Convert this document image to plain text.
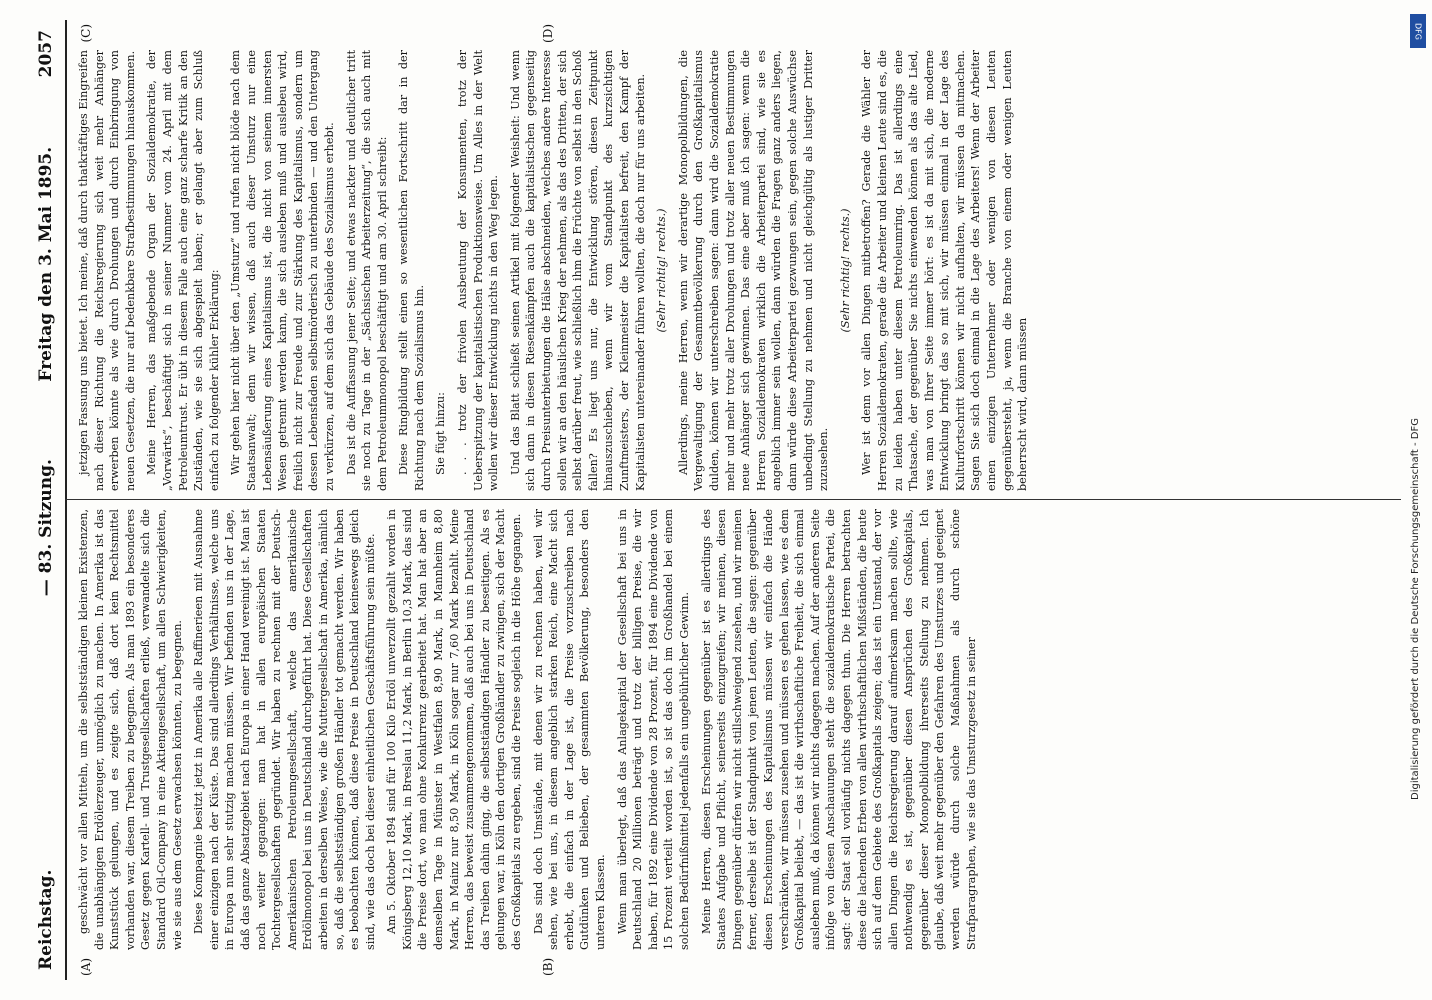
Reichstag.
— 83. Sitzung.
Freitag den 3. Mai 1895.
2057
(A)	(B)
(C)	(D)

geschwächt vor allen Mitteln, um die selbstständigen kleinen Existenzen, die unabhängigen Erdölerzeuger, unmöglich zu machen. In Amerika ist das Kunststück gelungen, und es zeigte sich, daß dort kein Rechtsmittel vorhanden war, diesem Treiben zu begegnen. Als man 1893 ein besonderes Gesetz gegen Kartell- und Trustgesellschaften erließ, verwandelte sich die Standard Oil-Company in eine Aktiengesellschaft, um allen Schwierigkeiten, wie sie aus dem Gesetz erwachsen könnten, zu begegnen. Diese Kompagnie besitzt jetzt in Amerika alle Raffinerieen mit Ausnahme einer einzigen nach der Küste. Das sind allerdings Verhältnisse, welche uns in Europa nun sehr stutzig machen müssen. Wir befinden uns in der Lage, daß das ganze Absatzgebiet nach Europa in einer Hand vereinigt ist. Man ist noch weiter gegangen: man hat in allen europäischen Staaten Tochtergesellschaften gegründet. Wir haben zu rechnen mit der Deutsch-Amerikanischen Petroleumgesellschaft, welche das amerikanische Erdölmonopol bei uns in Deutschland durchgeführt hat. Diese Gesellschaften arbeiten in derselben Weise, wie die Muttergesellschaft in Amerika, nämlich so, daß die selbstständigen großen Händler tot gemacht werden. Wir haben es beobachten können, daß diese Preise in Deutschland keineswegs gleich sind, wie das doch bei dieser einheitlichen Geschäftsführung sein müßte. Am 5. Oktober 1894 sind für 100 Kilo Erdöl unverzollt gezahlt worden in Königsberg 12,10 Mark, in Breslau 11,2 Mark, in Berlin 10,3 Mark, das sind die Preise dort, wo man ohne Konkurrenz gearbeitet hat. Man hat aber an demselben Tage in Münster in Westfalen 8,90 Mark, in Mannheim 8,80 Mark, in Mainz nur 8,50 Mark, in Köln sogar nur 7,60 Mark bezahlt. Meine Herren, das beweist zusammengenommen, daß auch bei uns in Deutschland das Treiben dahin ging, die selbstständigen Händler zu beseitigen. Als es gelungen war, in Köln den dortigen Großhändler zu zwingen, sich der Macht des Großkapitals zu ergeben, sind die Preise sogleich in die Höhe gegangen. Das sind doch Umstände, mit denen wir zu rechnen haben, weil wir sehen, wie bei uns, in diesem angeblich starken Reich, eine Macht sich erhebt, die einfach in der Lage ist, die Preise vorzuschreiben nach Gutdünken und Belieben, der gesammten Bevölkerung, besonders den unteren Klassen. Wenn man überlegt, daß das Anlagekapital der Gesellschaft bei uns in Deutschland 20 Millionen beträgt und trotz der billigen Preise, die wir haben, für 1892 eine Dividende von 28 Prozent, für 1894 eine Dividende von 15 Prozent verteilt worden ist, so ist das doch im Großhandel bei einem solchen Bedürfnißmittel jedenfalls ein ungebührlicher Gewinn. Meine Herren, diesen Erscheinungen gegenüber ist es allerdings des Staates Aufgabe und Pflicht, seinerseits einzugreifen; wir meinen, diesen Dingen gegenüber dürfen wir nicht stillschweigend zusehen, und wir meinen ferner, derselbe ist der Standpunkt von jenen Leuten, die sagen: gegenüber diesen Erscheinungen des Kapitalismus müssen wir einfach die Hände verschränken, wir müssen zusehen und müssen es gehen lassen, wie es dem Großkapital beliebt, — das ist die wirthschaftliche Freiheit, die sich einmal ausleben muß, da können wir nichts dagegen machen. Auf der anderen Seite infolge von diesen Anschauungen steht die sozialdemokratische Partei, die sagt: der Staat soll vorläufig nichts dagegen thun. Die Herren betrachten diese die lachenden Erben von allen wirthschaftlichen Mißständen, die heute sich auf dem Gebiete des Großkapitals zeigen; das ist ein Umstand, der vor allen Dingen die Reichsregierung darauf aufmerksam machen sollte, wie nothwendig es ist, gegenüber diesen Ansprüchen des Großkapitals, gegenüber dieser Monopolbildung ihrerseits Stellung zu nehmen. Ich glaube, daß weit mehr gegenüber den Gefahren des Umsturzes und geeignet werden würde durch solche Maßnahmen als durch schöne Strafparagraphen, wie sie das Umsturzgesetz in seiner

jetzigen Fassung uns bietet. Ich meine, daß durch thatkräftiges Eingreifen nach dieser Richtung die Reichsregierung sich weit mehr Anhänger erwerben könnte als wie durch Drohungen und durch Einbringung von neuen Gesetzen, die nur auf bedenkbare Strafbestimmungen hinauskommen. Meine Herren, das maßgebende Organ der Sozialdemokratie, der „Vorwärts“, beschäftigt sich in seiner Nummer vom 24. April mit dem Petroleumtrust. Er übt in diesem Falle auch eine ganz scharfe Kritik an den Zuständen, wie sie sich abgespielt haben; er gelangt aber zum Schluß einfach zu folgender kühler Erklärung: Wir gehen hier nicht über den „Umsturz“ und rufen nicht blöde nach dem Staatsanwalt; denn wir wissen, daß auch dieser Umsturz nur eine Lebensäußerung eines Kapitalismus ist, die nicht von seinem innersten Wesen getrennt werden kann, die sich ausleben muß und auslebeu wird, freilich nicht zur Freude und zur Stärkung des Kapitalismus, sondern um dessen Lebensfaden selbstmörderisch zu unterbinden — und den Untergang zu verkürzen, auf dem sich das Gebäude des Sozialismus erhebt. Das ist die Auffassung jener Seite; und etwas nackter und deutlicher tritt sie noch zu Tage in der „Sächsischen Arbeiterzeitung“, die sich auch mit dem Petroleummonopol beschäftigt und am 30. April schreibt: Diese Ringbildung stellt einen so wesentlichen Fortschritt dar in der Richtung nach dem Sozialismus hin. Sie fügt hinzu: . . . trotz der frivolen Ausbeutung der Konsumenten, trotz der Ueberspitzung der kapitalistischen Produktionsweise. Um Alles in der Welt wollen wir dieser Entwicklung nichts in den Weg legen. Und das Blatt schließt seinen Artikel mit folgender Weisheit: Und wenn sich dann in diesen Riesenkämpfen auch die kapitalistischen gegenseitig durch Preisunterbietungen die Hälse abschneiden, welches andere Interesse sollen wir an den häuslichen Krieg der nehmen, als das des Dritten, der sich selbst darüber freut, wie schließlich ihm die Früchte von selbst in den Schoß fallen? Es liegt uns nur, die Entwicklung stören, diesen Zeitpunkt hinauszuschieben, wenn wir vom Standpunkt des kurzsichtigen Zunftmeisters, der Kleinmeister die Kapitalisten befreit, den Kampf der Kapitalisten untereinander führen wollten, die doch nur für uns arbeiten. (Sehr richtig! rechts.) Allerdings, meine Herren, wenn wir derartige Monopolbildungen, die Vergewaltigung der Gesammtbevölkerung durch den Großkapitalismus dulden, können wir unterschreiben sagen: dann wird die Sozialdemokratie mehr und mehr trotz aller Drohungen und trotz aller neuen Bestimmungen neue Anhänger sich gewinnen. Das eine aber muß ich sagen: wenn die Herren Sozialdemokraten wirklich die Arbeiterpartei sind, wie sie es angeblich immer sein wollen, dann würden die Fragen ganz anders liegen, dann würde diese Arbeiterpartei gezwungen sein, gegen solche Auswüchse unbedingt Stellung zu nehmen und nicht gleichgültig als lustiger Dritter zuzusehen.

(Sehr richtig! rechts.) Wer ist denn vor allen Dingen mitbetroffen? Gerade die Wähler der Herren Sozialdemokraten, gerade die Arbeiter und kleinen Leute sind es, die zu leiden haben unter diesem Petroleumring. Das ist allerdings eine Thatsache, der gegenüber Sie nichts einwenden können als das alte Lied, was man von Ihrer Seite immer hört: es ist da mit sich, die moderne Entwicklung bringt das so mit sich, wir müssen einmal in der Lage des Kulturfortschritt können wir nicht aufhalten, wir müssen da mitmachen. Sagen Sie sich doch einmal in die Lage des Arbeiters! Wenn der Arbeiter einen einzigen Unternehmer oder wenigen von diesen Leuten gegenübersteht, ja, wenn die Branche von einem oder wenigen Leuten beherrscht wird, dann müssen

Digitalisierung gefördert durch die Deutsche Forschungsgemeinschaft - DFG
DFG
